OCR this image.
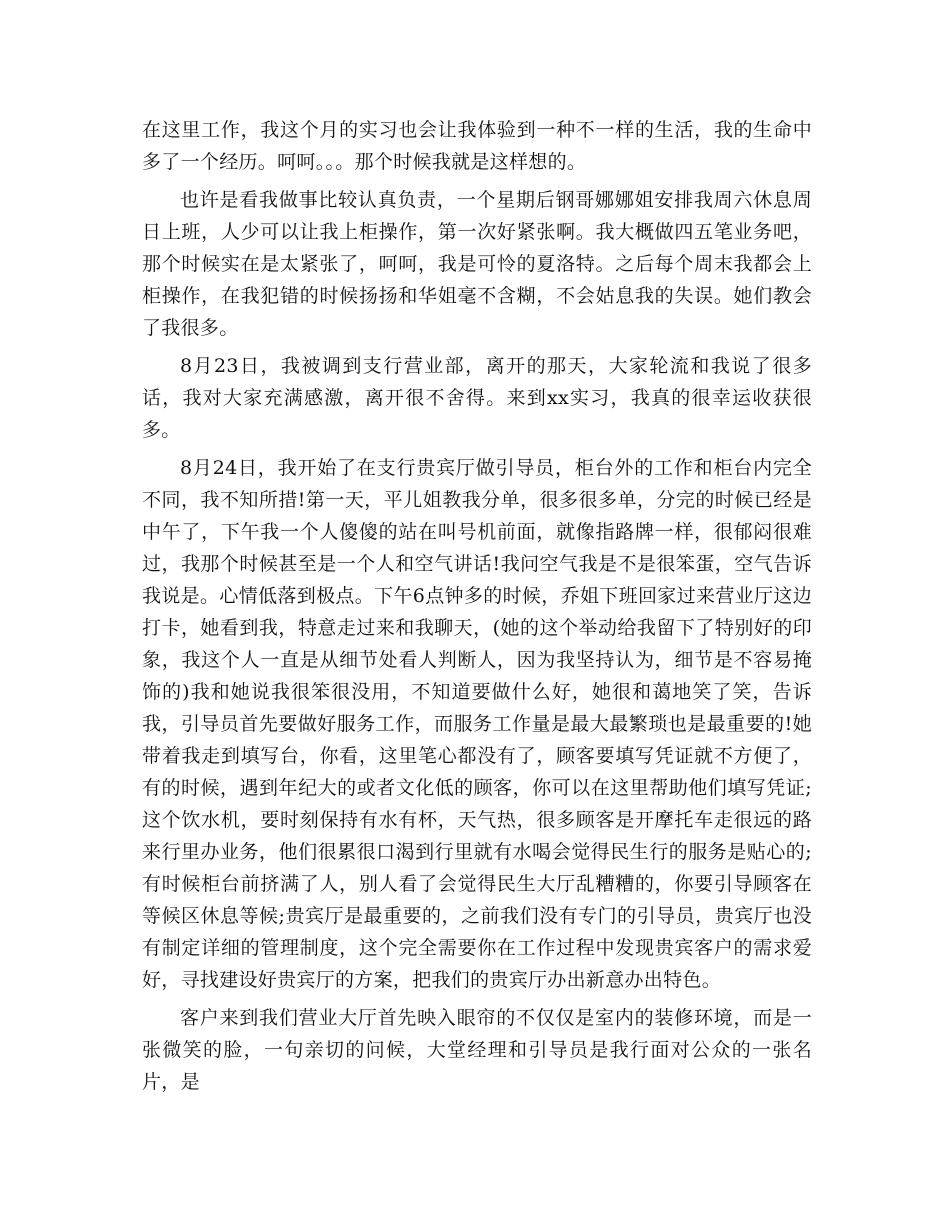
在这里工作，我这个月的实习也会让我体验到一种不一样的生活，我的生命中多了一个经历。呵呵。。。那个时候我就是这样想的。

也许是看我做事比较认真负责，一个星期后钢哥娜娜姐安排我周六休息周日上班，人少可以让我上柜操作，第一次好紧张啊。我大概做四五笔业务吧，那个时候实在是太紧张了，呵呵，我是可怜的夏洛特。之后每个周末我都会上柜操作，在我犯错的时候扬扬和华姐毫不含糊，不会姑息我的失误。她们教会了我很多。

8月23日，我被调到支行营业部，离开的那天，大家轮流和我说了很多话，我对大家充满感激，离开很不舍得。来到xx实习，我真的很幸运收获很多。

8月24日，我开始了在支行贵宾厅做引导员，柜台外的工作和柜台内完全不同，我不知所措!第一天，平儿姐教我分单，很多很多单，分完的时候已经是中午了，下午我一个人傻傻的站在叫号机前面，就像指路牌一样，很郁闷很难过，我那个时候甚至是一个人和空气讲话!我问空气我是不是很笨蛋，空气告诉我说是。心情低落到极点。下午6点钟多的时候，乔姐下班回家过来营业厅这边打卡，她看到我，特意走过来和我聊天，(她的这个举动给我留下了特别好的印象，我这个人一直是从细节处看人判断人，因为我坚持认为，细节是不容易掩饰的)我和她说我很笨很没用，不知道要做什么好，她很和蔼地笑了笑，告诉我，引导员首先要做好服务工作，而服务工作量是最大最繁琐也是最重要的!她带着我走到填写台，你看，这里笔心都没有了，顾客要填写凭证就不方便了，有的时候，遇到年纪大的或者文化低的顾客，你可以在这里帮助他们填写凭证;这个饮水机，要时刻保持有水有杯，天气热，很多顾客是开摩托车走很远的路来行里办业务，他们很累很口渴到行里就有水喝会觉得民生行的服务是贴心的;有时候柜台前挤满了人，别人看了会觉得民生大厅乱糟糟的，你要引导顾客在等候区休息等候;贵宾厅是最重要的，之前我们没有专门的引导员，贵宾厅也没有制定详细的管理制度，这个完全需要你在工作过程中发现贵宾客户的需求爱好，寻找建设好贵宾厅的方案，把我们的贵宾厅办出新意办出特色。

客户来到我们营业大厅首先映入眼帘的不仅仅是室内的装修环境，而是一张微笑的脸，一句亲切的问候，大堂经理和引导员是我行面对公众的一张名片，是
